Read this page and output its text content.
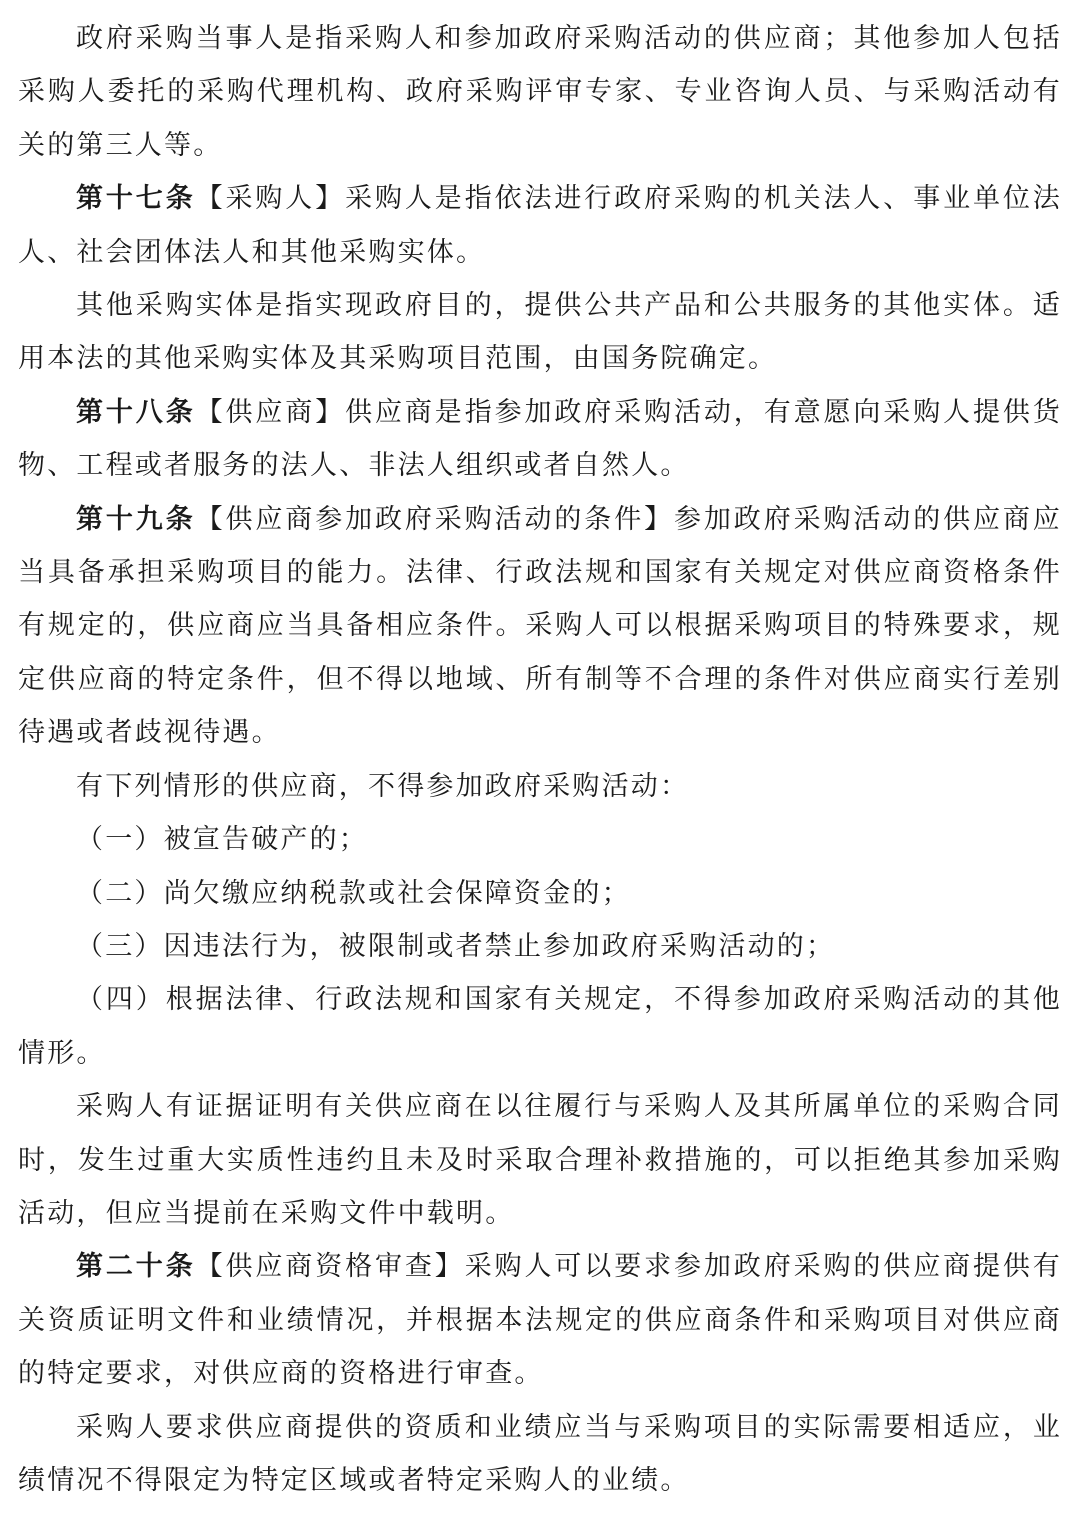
政府采购当事人是指采购人和参加政府采购活动的供应商；其他参加人包括采购人委托的采购代理机构、政府采购评审专家、专业咨询人员、与采购活动有关的第三人等。

第十七条【采购人】采购人是指依法进行政府采购的机关法人、事业单位法人、社会团体法人和其他采购实体。

其他采购实体是指实现政府目的，提供公共产品和公共服务的其他实体。适用本法的其他采购实体及其采购项目范围，由国务院确定。

第十八条【供应商】供应商是指参加政府采购活动，有意愿向采购人提供货物、工程或者服务的法人、非法人组织或者自然人。

第十九条【供应商参加政府采购活动的条件】参加政府采购活动的供应商应当具备承担采购项目的能力。法律、行政法规和国家有关规定对供应商资格条件有规定的，供应商应当具备相应条件。采购人可以根据采购项目的特殊要求，规定供应商的特定条件，但不得以地域、所有制等不合理的条件对供应商实行差别待遇或者歧视待遇。

有下列情形的供应商，不得参加政府采购活动：

（一）被宣告破产的；

（二）尚欠缴应纳税款或社会保障资金的；

（三）因违法行为，被限制或者禁止参加政府采购活动的；

（四）根据法律、行政法规和国家有关规定，不得参加政府采购活动的其他情形。

采购人有证据证明有关供应商在以往履行与采购人及其所属单位的采购合同时，发生过重大实质性违约且未及时采取合理补救措施的，可以拒绝其参加采购活动，但应当提前在采购文件中载明。

第二十条【供应商资格审查】采购人可以要求参加政府采购的供应商提供有关资质证明文件和业绩情况，并根据本法规定的供应商条件和采购项目对供应商的特定要求，对供应商的资格进行审查。

采购人要求供应商提供的资质和业绩应当与采购项目的实际需要相适应，业绩情况不得限定为特定区域或者特定采购人的业绩。
